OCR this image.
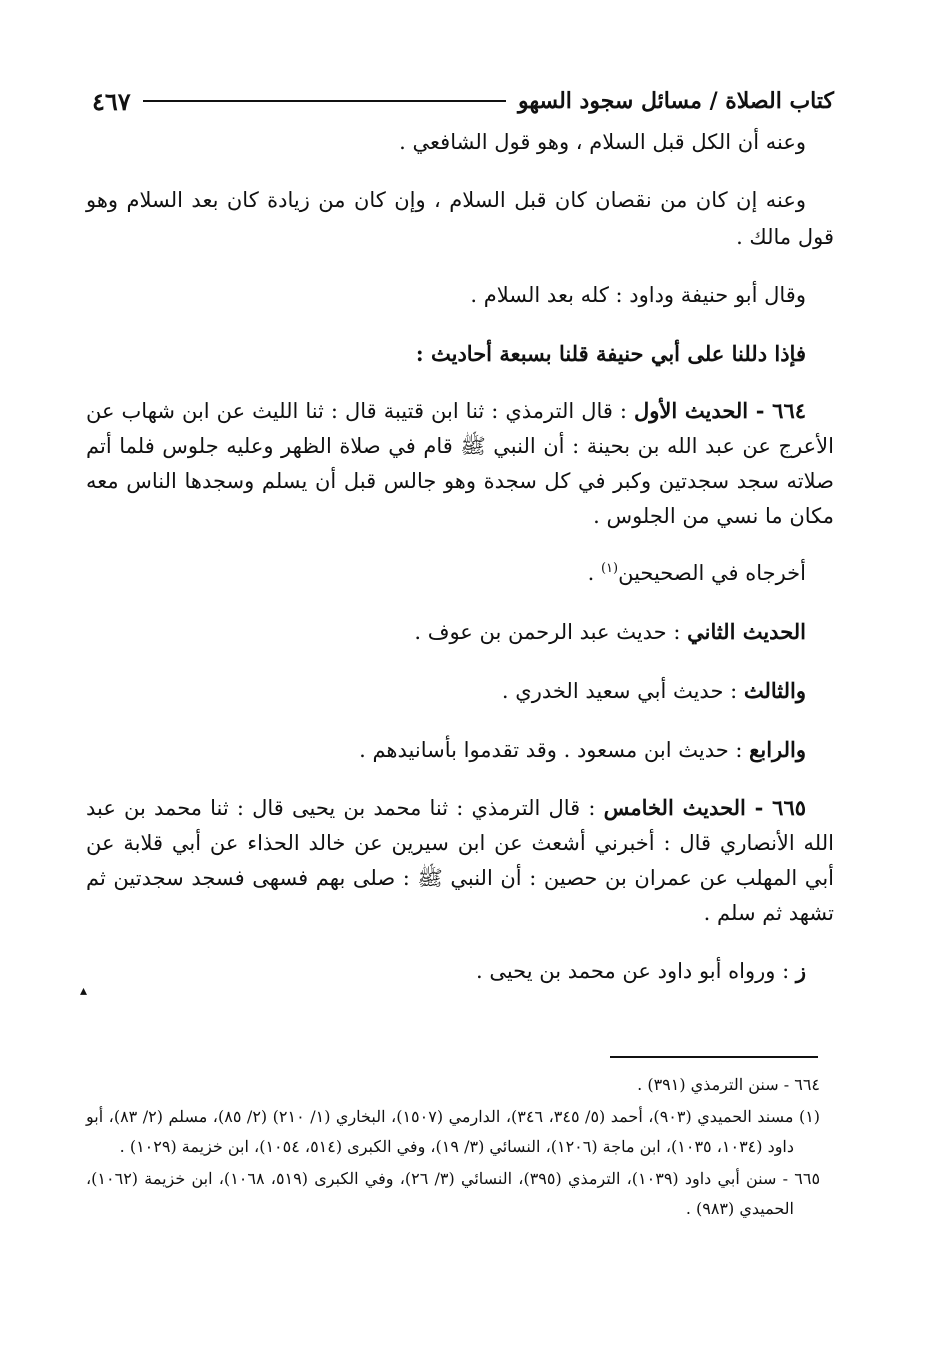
٤٦٧	كتاب الصلاة / مسائل سجود السهو

وعنه أن الكل قبل السلام ، وهو قول الشافعي .

وعنه إن كان من نقصان كان قبل السلام ، وإن كان من زيادة كان بعد السلام وهو قول مالك .

وقال أبو حنيفة وداود : كله بعد السلام .

فإذا دللنا على أبي حنيفة قلنا بسبعة أحاديث :

٦٦٤ - الحديث الأول : قال الترمذي : ثنا ابن قتيبة قال : ثنا الليث عن ابن شهاب عن الأعرج عن عبد الله بن بحينة : أن النبي ﷺ قام في صلاة الظهر وعليه جلوس فلما أتم صلاته سجد سجدتين وكبر في كل سجدة وهو جالس قبل أن يسلم وسجدها الناس معه مكان ما نسي من الجلوس .

أخرجاه في الصحيحين$^{(١)}$ .

الحديث الثاني : حديث عبد الرحمن بن عوف .

والثالث : حديث أبي سعيد الخدري .

والرابع : حديث ابن مسعود . وقد تقدموا بأسانيدهم .

٦٦٥ - الحديث الخامس : قال الترمذي : ثنا محمد بن يحيى قال : ثنا محمد بن عبد الله الأنصاري قال : أخبرني أشعث عن ابن سيرين عن خالد الحذاء عن أبي قلابة عن أبي المهلب عن عمران بن حصين : أن النبي ﷺ : صلى بهم فسهى فسجد سجدتين ثم تشهد ثم سلم .

ز : ورواه أبو داود عن محمد بن يحيى .

▴

٦٦٤ - سنن الترمذي (٣٩١) .

(١) مسند الحميدي (٩٠٣)، أحمد (٥/ ٣٤٥، ٣٤٦)، الدارمي (١٥٠٧)، البخاري (١/ ٢١٠) (٢/ ٨٥)، مسلم (٢/ ٨٣)، أبو داود (١٠٣٤، ١٠٣٥)، ابن ماجة (١٢٠٦)، النسائي (٣/ ١٩)، وفي الكبرى (٥١٤، ١٠٥٤)، ابن خزيمة (١٠٢٩) .

٦٦٥ - سنن أبي داود (١٠٣٩)، الترمذي (٣٩٥)، النسائي (٣/ ٢٦)، وفي الكبرى (٥١٩، ١٠٦٨)، ابن خزيمة (١٠٦٢)، الحميدي (٩٨٣) .
